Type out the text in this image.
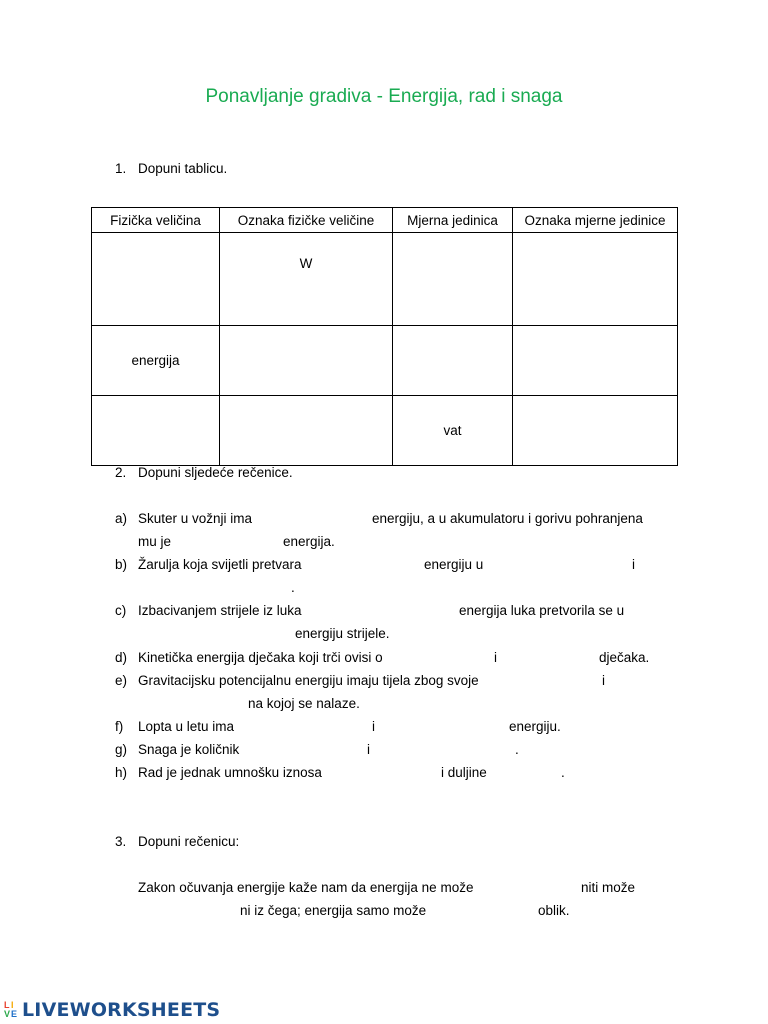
Ponavljanje gradiva - Energija, rad i snaga
1. Dopuni tablicu.
Fizička veličina	Oznaka fizičke veličine	Mjerna jedinica	Oznaka mjerne jedinice
	W		
energija			
		vat	
2. Dopuni sljedeće rečenice.
a) Skuter u vožnji ima	energiju, a u akumulatoru i gorivu pohranjena
mu je	energija.
b) Žarulja koja svijetli pretvara	energiju u	i
.
c) Izbacivanjem strijele iz luka	energija luka pretvorila se u
energiju strijele.
d) Kinetička energija dječaka koji trči ovisi o	i	dječaka.
e) Gravitacijsku potencijalnu energiju imaju tijela zbog svoje	i
na kojoj se nalaze.
f) Lopta u letu ima	i	energiju.
g) Snaga je količnik	i	.
h) Rad je jednak umnošku iznosa	i duljine	.
3. Dopuni rečenicu:
Zakon očuvanja energije kaže nam da energija ne može	niti može
ni iz čega; energija samo može	oblik.
L I
V E LIVEWORKSHEETS
